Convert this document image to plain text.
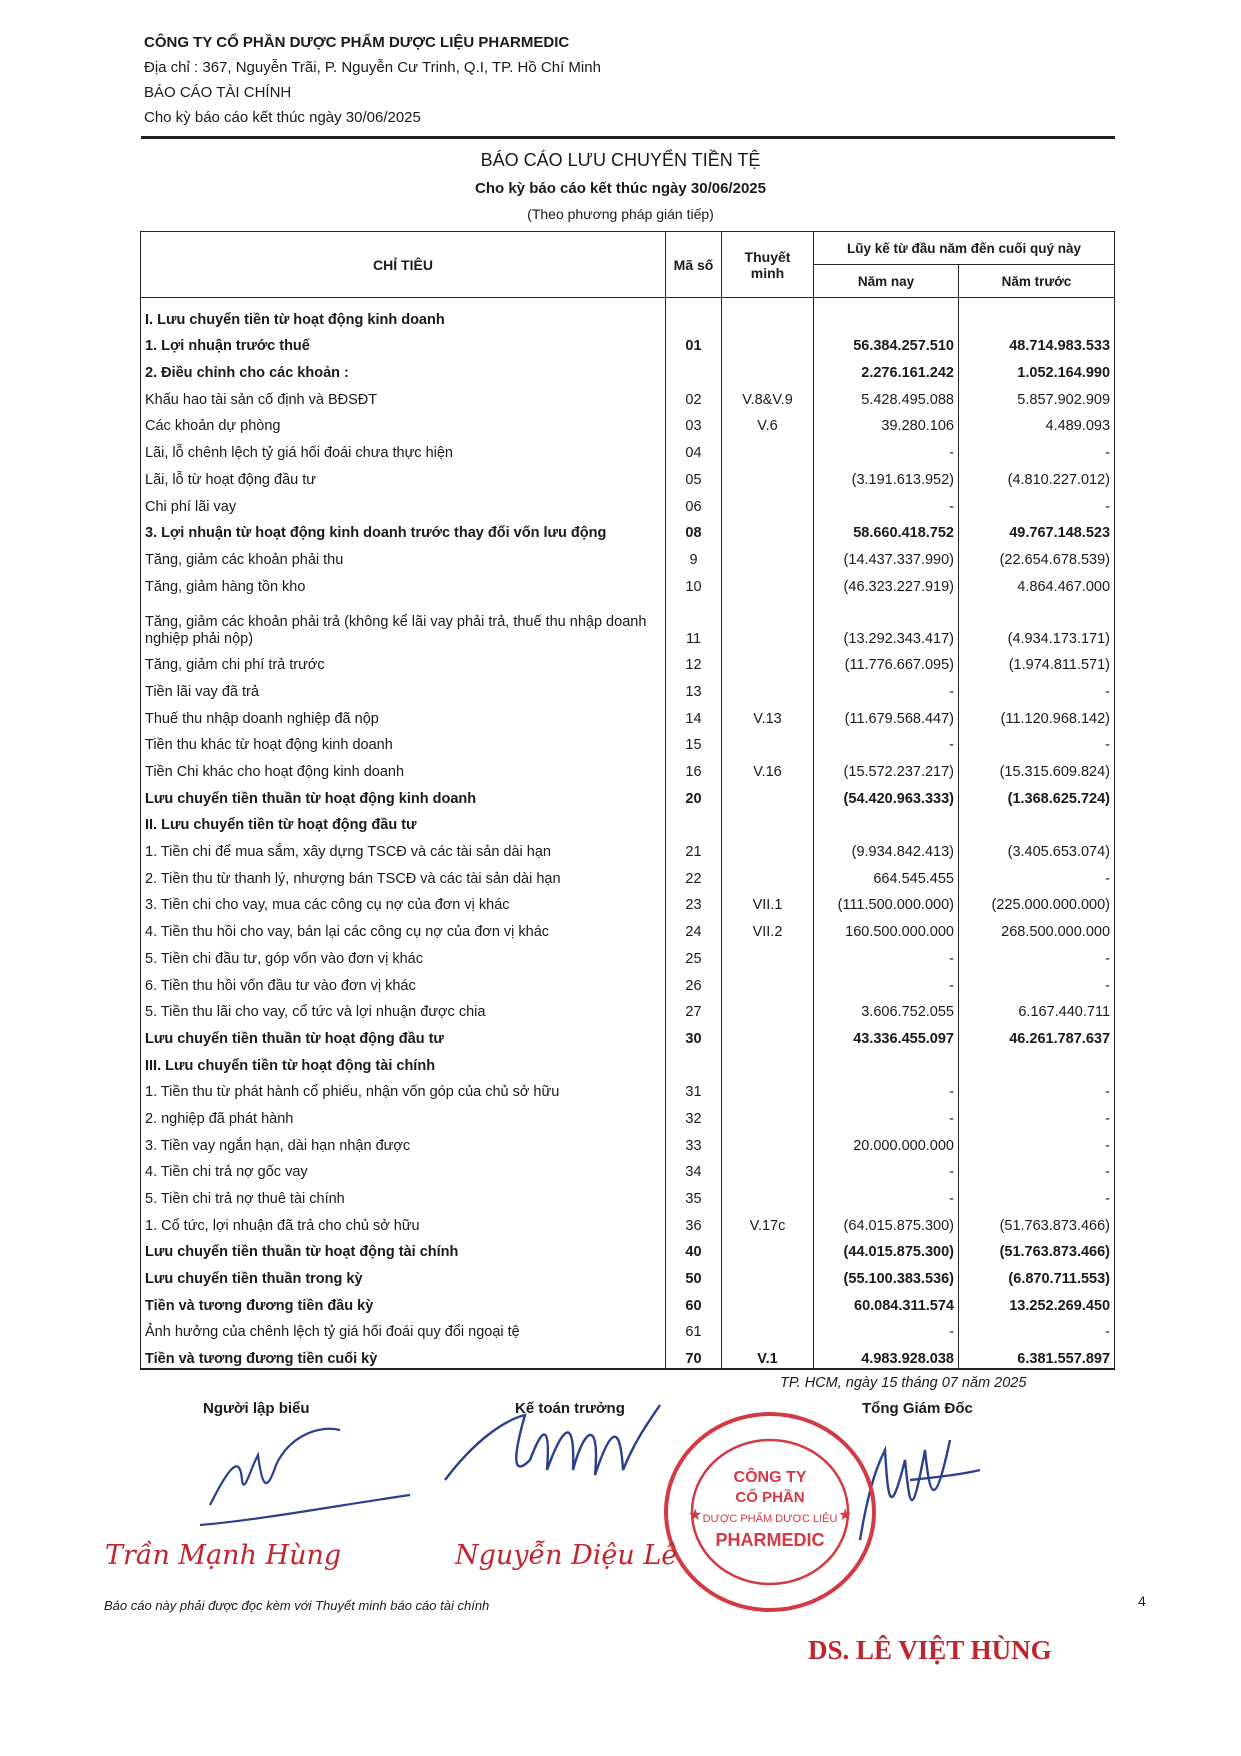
CÔNG TY CỔ PHẦN DƯỢC PHẨM DƯỢC LIỆU PHARMEDIC
Địa chỉ : 367, Nguyễn Trãi, P. Nguyễn Cư Trinh, Q.I, TP. Hồ Chí Minh
BÁO CÁO TÀI CHÍNH
Cho kỳ báo cáo kết thúc ngày 30/06/2025
BÁO CÁO LƯU CHUYỂN TIỀN TỆ
Cho kỳ báo cáo kết thúc ngày 30/06/2025
(Theo phương pháp gián tiếp)
CHỈ TIÊU	Mã số	Thuyết minh	Lũy kế từ đầu năm đến cuối quý này	
			Năm nay	Năm trước
I. Lưu chuyển tiền từ hoạt động kinh doanh				
1. Lợi nhuận trước thuế	01		56.384.257.510	48.714.983.533
2. Điều chỉnh cho các khoản :			2.276.161.242	1.052.164.990
Khấu hao tài sản cố định và BĐSĐT	02	V.8&V.9	5.428.495.088	5.857.902.909
Các khoản dự phòng	03	V.6	39.280.106	4.489.093
Lãi, lỗ chênh lệch tỷ giá hối đoái chưa thực hiện	04		-	-
Lãi, lỗ từ hoạt động đầu tư	05		(3.191.613.952)	(4.810.227.012)
Chi phí lãi vay	06		-	-
3. Lợi nhuận từ hoạt động kinh doanh trước thay đổi vốn lưu động	08		58.660.418.752	49.767.148.523
Tăng, giảm các khoản phải thu	9		(14.437.337.990)	(22.654.678.539)
Tăng, giảm hàng tồn kho	10		(46.323.227.919)	4.864.467.000
Tăng, giảm các khoản phải trả (không kể lãi vay phải trả, thuế thu nhập doanh nghiệp phải nộp)	11		(13.292.343.417)	(4.934.173.171)
Tăng, giảm chi phí trả trước	12		(11.776.667.095)	(1.974.811.571)
Tiền lãi vay đã trả	13		-	-
Thuế thu nhập doanh nghiệp đã nộp	14	V.13	(11.679.568.447)	(11.120.968.142)
Tiền thu khác từ hoạt động kinh doanh	15		-	-
Tiền Chi khác cho hoạt động kinh doanh	16	V.16	(15.572.237.217)	(15.315.609.824)
Lưu chuyển tiền thuần từ hoạt động kinh doanh	20		(54.420.963.333)	(1.368.625.724)
II. Lưu chuyển tiền từ hoạt động đầu tư				
1. Tiền chi để mua sắm, xây dựng TSCĐ và các tài sản dài hạn	21		(9.934.842.413)	(3.405.653.074)
2. Tiền thu từ thanh lý, nhượng bán TSCĐ và các tài sản dài hạn	22		664.545.455	-
3. Tiền chi cho vay, mua các công cụ nợ của đơn vị khác	23	VII.1	(111.500.000.000)	(225.000.000.000)
4. Tiền thu hồi cho vay, bán lại các công cụ nợ của đơn vị khác	24	VII.2	160.500.000.000	268.500.000.000
5. Tiền chi đầu tư, góp vốn vào đơn vị khác	25		-	-
6. Tiền thu hồi vốn đầu tư vào đơn vị khác	26		-	-
5. Tiền thu lãi cho vay, cổ tức và lợi nhuận được chia	27		3.606.752.055	6.167.440.711
Lưu chuyển tiền thuần từ hoạt động đầu tư	30		43.336.455.097	46.261.787.637
III. Lưu chuyển tiền từ hoạt động tài chính				
1. Tiền thu từ phát hành cổ phiếu, nhận vốn góp của chủ sở hữu	31		-	-
2. nghiệp đã phát hành	32		-	-
3. Tiền vay ngắn hạn, dài hạn nhận được	33		20.000.000.000	-
4. Tiền chi trả nợ gốc vay	34		-	-
5. Tiền chi trả nợ thuê tài chính	35		-	-
1. Cổ tức, lợi nhuận đã trả cho chủ sở hữu	36	V.17c	(64.015.875.300)	(51.763.873.466)
Lưu chuyển tiền thuần từ hoạt động tài chính	40		(44.015.875.300)	(51.763.873.466)
Lưu chuyển tiền thuần trong kỳ	50		(55.100.383.536)	(6.870.711.553)
Tiền và tương đương tiền đầu kỳ	60		60.084.311.574	13.252.269.450
Ảnh hưởng của chênh lệch tỷ giá hối đoái quy đổi ngoại tệ	61		-	-
Tiền và tương đương tiền cuối kỳ	70	V.1	4.983.928.038	6.381.557.897
TP. HCM, ngày 15 tháng 07 năm 2025
Người lập biểu	Kế toán trưởng	Tổng Giám Đốc
CÔNG TY
CỔ PHẦN
DƯỢC PHẨM DƯỢC LIỆU
PHARMEDIC
★	★
Trần Mạnh Hùng	Nguyễn Diệu Lê
Báo cáo này phải được đọc kèm với Thuyết minh báo cáo tài chính	4
DS. LÊ VIỆT HÙNG
